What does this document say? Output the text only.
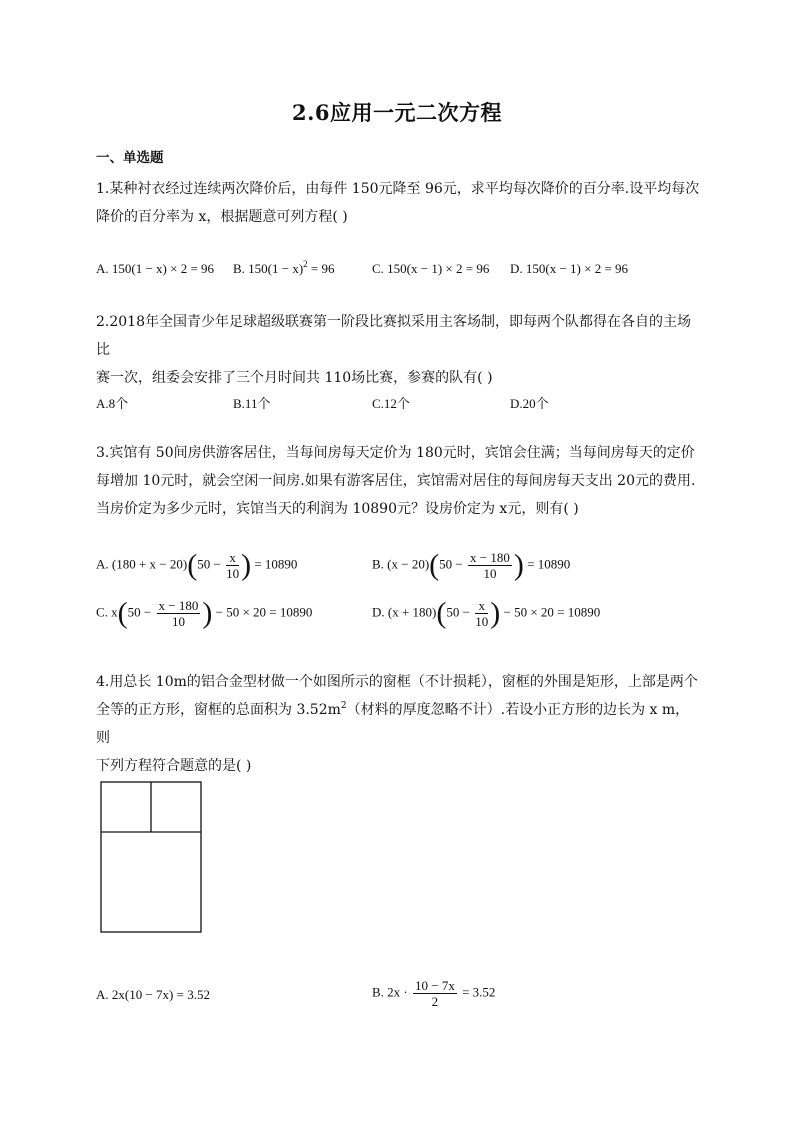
2.6应用一元二次方程
一、单选题
1.某种衬衣经过连续两次降价后，由每件 150元降至 96元，求平均每次降价的百分率.设平均每次
降价的百分率为 x，根据题意可列方程( )
A. 150(1 − x) × 2 = 96 B. $150(1 - x)^2 = 96$	C. 150(x − 1) × 2 = 96 D. 150(x − 1) × 2 = 96
2.2018年全国青少年足球超级联赛第一阶段比赛拟采用主客场制，即每两个队都得在各自的主场比
赛一次，组委会安排了三个月时间共 110场比赛，参赛的队有( )
A.8个	B.11个	C.12个	D.20个
3.宾馆有 50间房供游客居住，当每间房每天定价为 180元时，宾馆会住满；当每间房每天的定价
每增加 10元时，就会空闲一间房.如果有游客居住，宾馆需对居住的每间房每天支出 20元的费用.
当房价定为多少元时，宾馆当天的利润为 10890元？设房价定为 x元，则有( )
A. $(180 + x - 20)(50 - \frac{x}{10}$ ) = 10890	B. $(x - 20)(50 - \frac{x - 180}{10}$ ) = 10890
C. $x(50 - \frac{x - 180}{10}$ ) − 50 × 20 = 10890	D. $(x + 180)(50 - \frac{x}{10}$ ) − 50 × 20 = 10890
4.用总长 10m的铝合金型材做一个如图所示的窗框（不计损耗），窗框的外围是矩形，上部是两个
全等的正方形，窗框的总面积为 $3.52m^2$（材料的厚度忽略不计）.若设小正方形的边长为 x m，则
下列方程符合题意的是( )
A. 2x(10 − 7x) = 3.52	B. $2x \cdot \frac{10 - 7x}{2} = 3.52$
